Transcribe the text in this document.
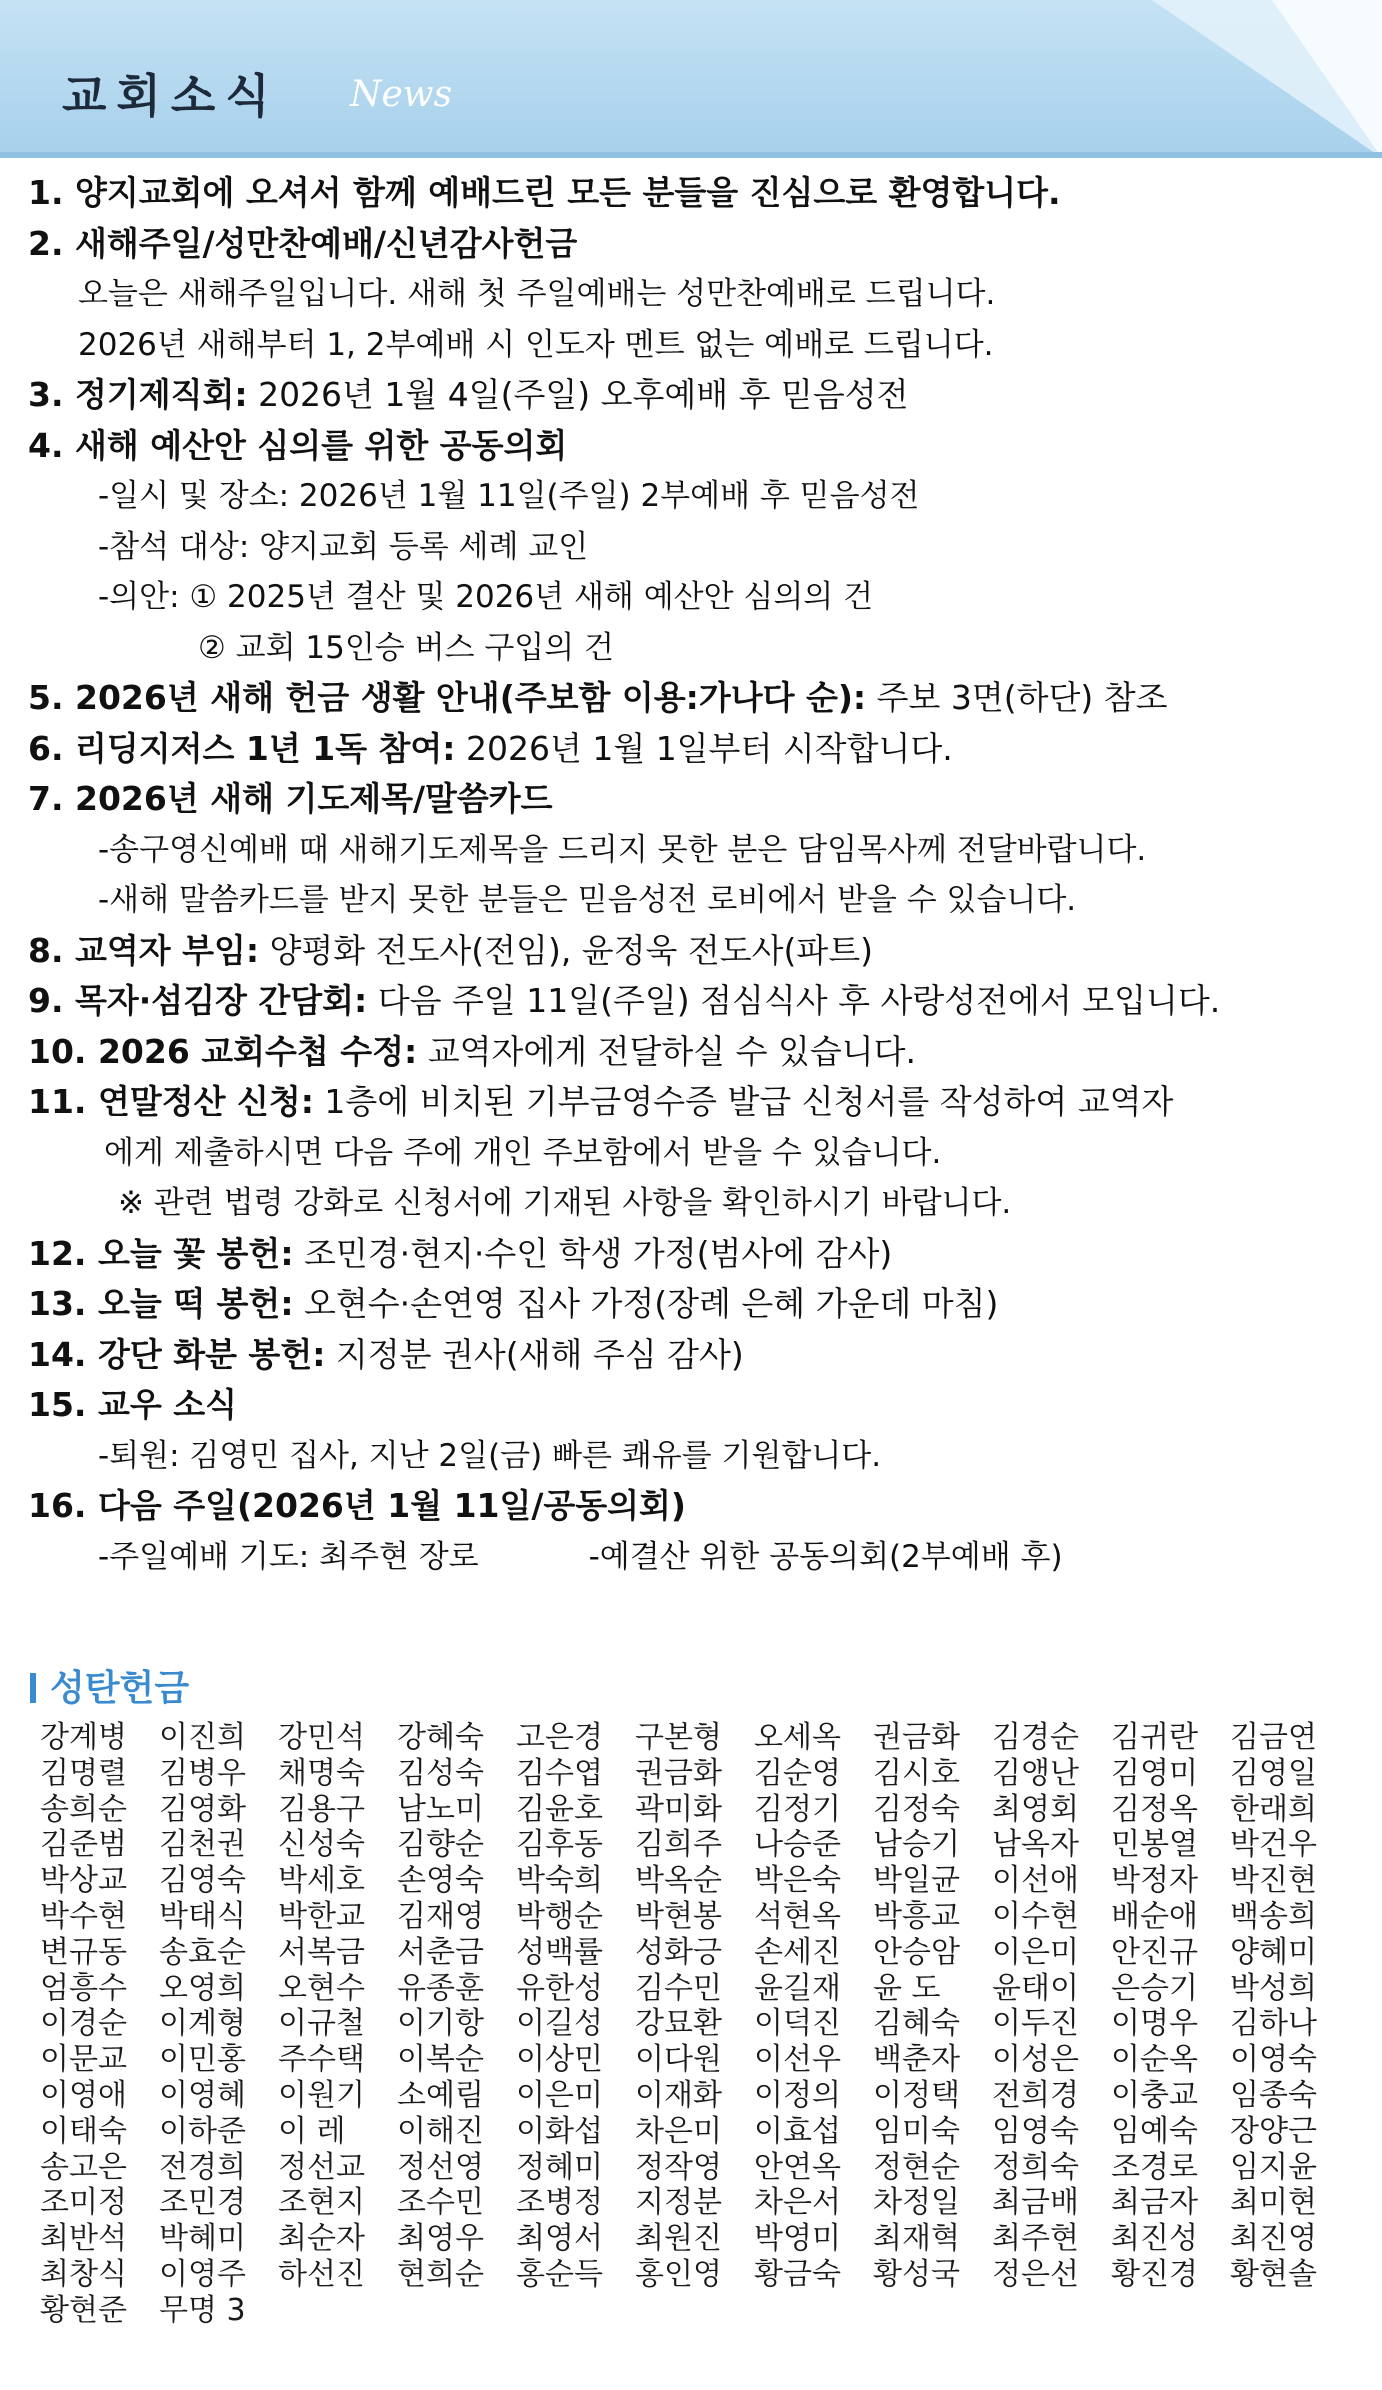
교회소식 News
1. 양지교회에 오셔서 함께 예배드린 모든 분들을 진심으로 환영합니다.
2. 새해주일/성만찬예배/신년감사헌금
오늘은 새해주일입니다. 새해 첫 주일예배는 성만찬예배로 드립니다.
2026년 새해부터 1, 2부예배 시 인도자 멘트 없는 예배로 드립니다.
3. 정기제직회: 2026년 1월 4일(주일) 오후예배 후 믿음성전
4. 새해 예산안 심의를 위한 공동의회
-일시 및 장소: 2026년 1월 11일(주일) 2부예배 후 믿음성전
-참석 대상: 양지교회 등록 세례 교인
-의안: ① 2025년 결산 및 2026년 새해 예산안 심의의 건
② 교회 15인승 버스 구입의 건
5. 2026년 새해 헌금 생활 안내(주보함 이용:가나다 순): 주보 3면(하단) 참조
6. 리딩지저스 1년 1독 참여: 2026년 1월 1일부터 시작합니다.
7. 2026년 새해 기도제목/말씀카드
-송구영신예배 때 새해기도제목을 드리지 못한 분은 담임목사께 전달바랍니다.
-새해 말씀카드를 받지 못한 분들은 믿음성전 로비에서 받을 수 있습니다.
8. 교역자 부임: 양평화 전도사(전임), 윤정욱 전도사(파트)
9. 목자·섬김장 간담회: 다음 주일 11일(주일) 점심식사 후 사랑성전에서 모입니다.
10. 2026 교회수첩 수정: 교역자에게 전달하실 수 있습니다.
11. 연말정산 신청: 1층에 비치된 기부금영수증 발급 신청서를 작성하여 교역자
에게 제출하시면 다음 주에 개인 주보함에서 받을 수 있습니다.
※ 관련 법령 강화로 신청서에 기재된 사항을 확인하시기 바랍니다.
12. 오늘 꽃 봉헌: 조민경·현지·수인 학생 가정(범사에 감사)
13. 오늘 떡 봉헌: 오현수·손연영 집사 가정(장례 은혜 가운데 마침)
14. 강단 화분 봉헌: 지정분 권사(새해 주심 감사)
15. 교우 소식
-퇴원: 김영민 집사, 지난 2일(금) 빠른 쾌유를 기원합니다.
16. 다음 주일(2026년 1월 11일/공동의회)
-주일예배 기도: 최주현 장로	-예결산 위한 공동의회(2부예배 후)
성탄헌금
강계병	이진희	강민석	강혜숙	고은경	구본형	오세옥	권금화	김경순	김귀란	김금연
김명렬	김병우	채명숙	김성숙	김수엽	권금화	김순영	김시호	김앵난	김영미	김영일
송희순	김영화	김용구	남노미	김윤호	곽미화	김정기	김정숙	최영회	김정옥	한래희
김준범	김천권	신성숙	김향순	김후동	김희주	나승준	남승기	남옥자	민봉열	박건우
박상교	김영숙	박세호	손영숙	박숙희	박옥순	박은숙	박일균	이선애	박정자	박진현
박수현	박태식	박한교	김재영	박행순	박현봉	석현옥	박흥교	이수현	배순애	백송희
변규동	송효순	서복금	서춘금	성백률	성화긍	손세진	안승암	이은미	안진규	양혜미
엄흥수	오영희	오현수	유종훈	유한성	김수민	윤길재	윤 도	윤태이	은승기	박성희
이경순	이계형	이규철	이기항	이길성	강묘환	이덕진	김혜숙	이두진	이명우	김하나
이문교	이민홍	주수택	이복순	이상민	이다원	이선우	백춘자	이성은	이순옥	이영숙
이영애	이영혜	이원기	소예림	이은미	이재화	이정의	이정택	전희경	이충교	임종숙
이태숙	이하준	이 레	이해진	이화섭	차은미	이효섭	임미숙	임영숙	임예숙	장양근
송고은	전경희	정선교	정선영	정혜미	정작영	안연옥	정현순	정희숙	조경로	임지윤
조미정	조민경	조현지	조수민	조병정	지정분	차은서	차정일	최금배	최금자	최미현
최반석	박혜미	최순자	최영우	최영서	최원진	박영미	최재혁	최주현	최진성	최진영
최창식	이영주	하선진	현희순	홍순득	홍인영	황금숙	황성국	정은선	황진경	황현솔
황현준	무명 3
